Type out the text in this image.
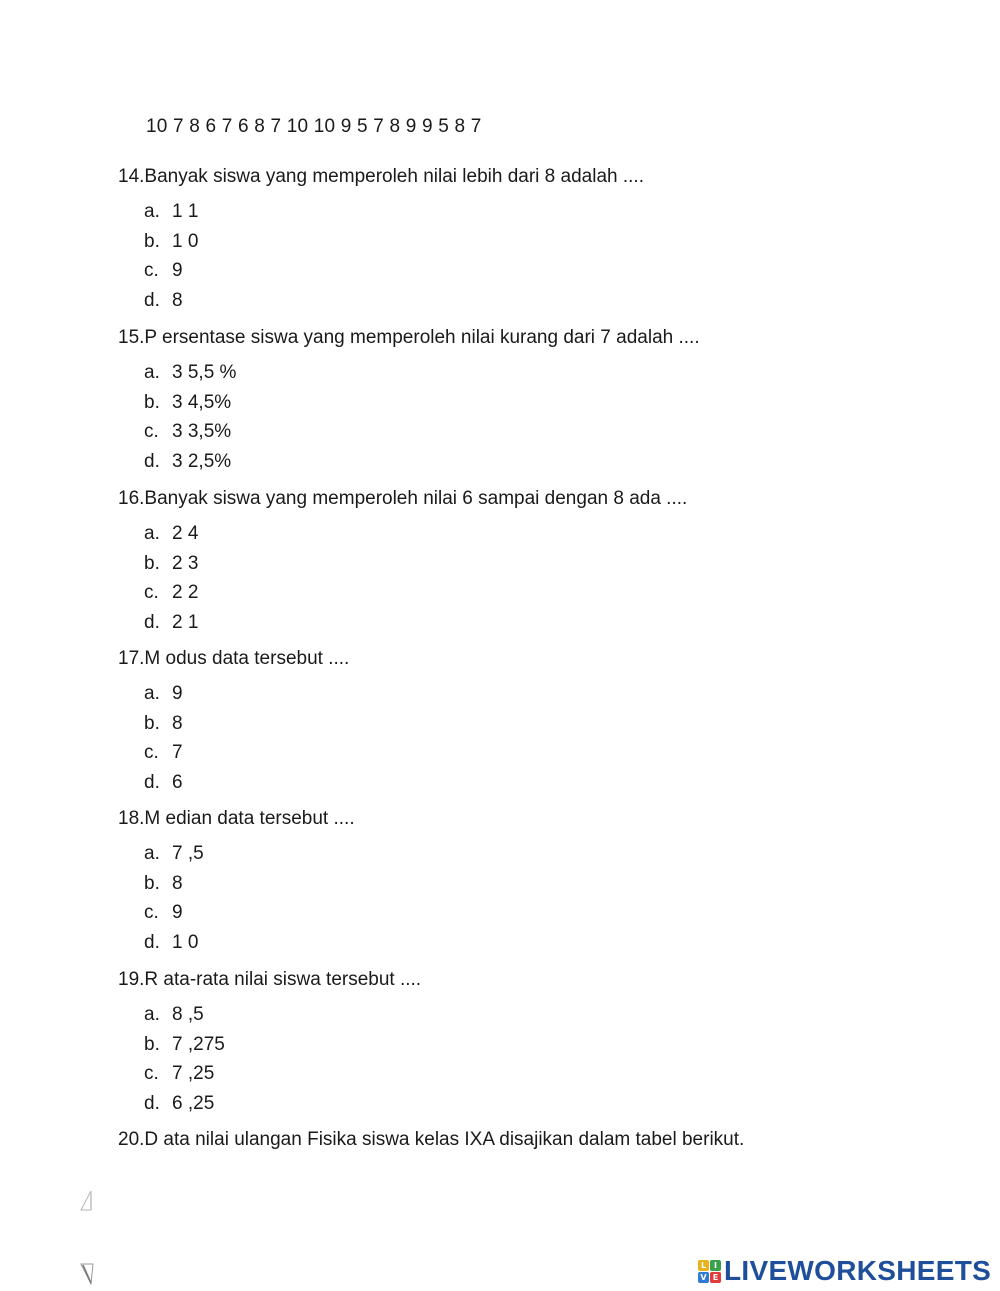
10 7 8 6 7 6 8 7 10 10 9 5 7 8 9 9 5 8 7
14. Banyak siswa yang memperoleh nilai lebih dari 8 adalah ....
a. 1 1
b. 1 0
c. 9
d. 8
15. P ersentase siswa yang memperoleh nilai kurang dari 7 adalah ....
a. 3 5,5 %
b. 3 4,5%
c. 3 3,5%
d. 3 2,5%
16. Banyak siswa yang memperoleh nilai 6 sampai dengan 8 ada ....
a. 2 4
b. 2 3
c. 2 2
d. 2 1
17. M odus data tersebut ....
a. 9
b. 8
c. 7
d. 6
18. M edian data tersebut ....
a. 7 ,5
b. 8
c. 9
d. 1 0
19. R ata-rata nilai siswa tersebut ....
a. 8 ,5
b. 7 ,275
c. 7 ,25
d. 6 ,25
20. D ata nilai ulangan Fisika siswa kelas IXA disajikan dalam tabel berikut.
L I
V E LIVEWORKSHEETS
